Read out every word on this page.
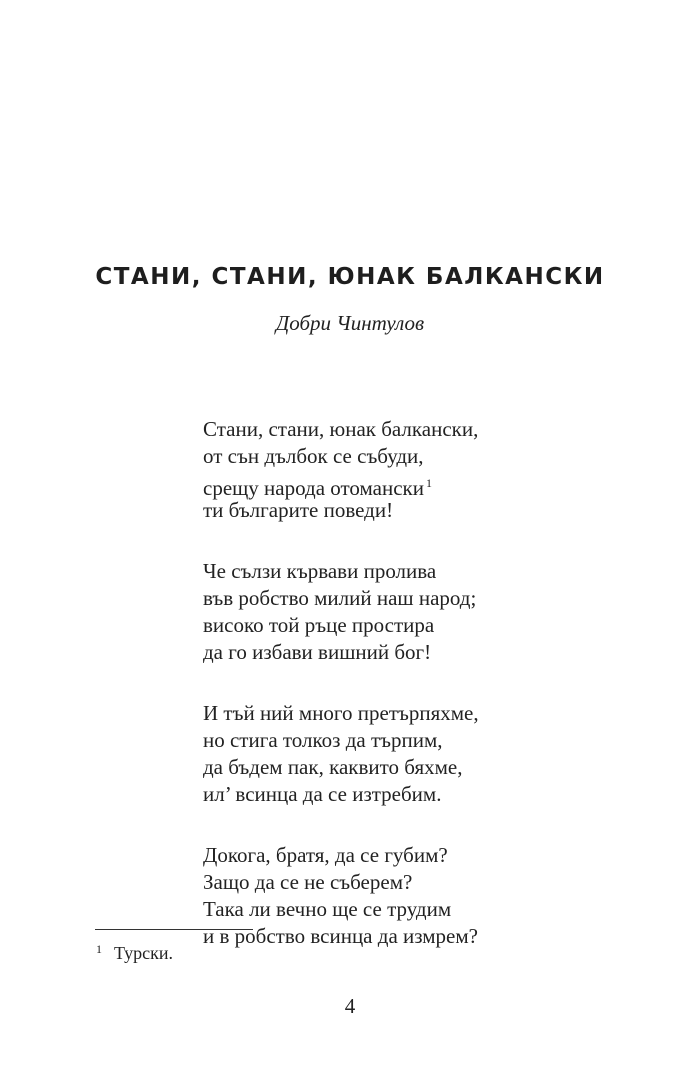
СТАНИ, СТАНИ, ЮНАК БАЛКАНСКИ
Добри Чинтулов
Стани, стани, юнак балкански,
от сън дълбок се събуди,
срещу народа отомански $^1$
ти българите поведи!
Че сълзи кървави пролива
във робство милий наш народ;
високо той ръце простира
да го избави вишний бог!
И тъй ний много претърпяхме,
но стига толкоз да търпим,
да бъдем пак, каквито бяхме,
ил’ всинца да се изтребим.
Докога, братя, да се губим?
Защо да се не съберем?
Така ли вечно ще се трудим
и в робство всинца да измрем?
$^1$ Турски.
4
